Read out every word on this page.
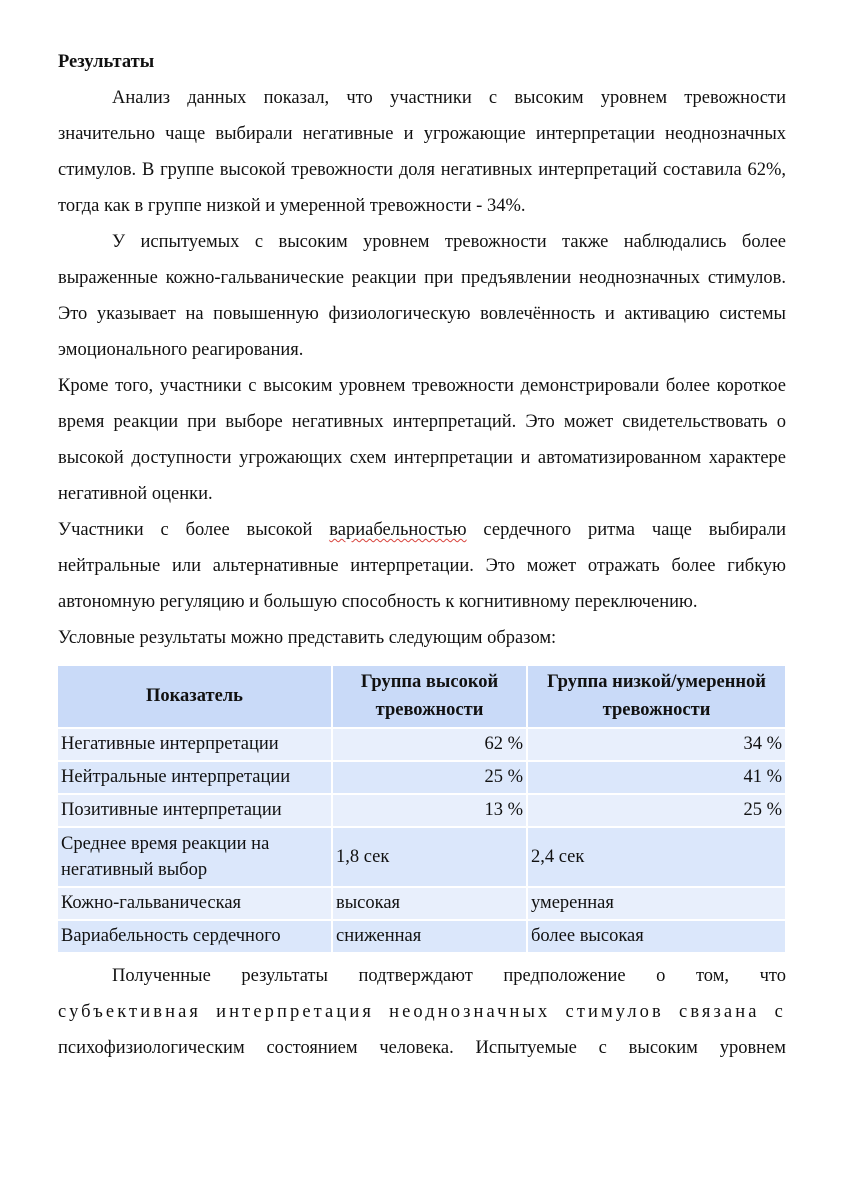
Результаты

Анализ данных показал, что участники с высоким уровнем тревожности значительно чаще выбирали негативные и угрожающие интерпретации неоднозначных стимулов. В группе высокой тревожности доля негативных интерпретаций составила 62%, тогда как в группе низкой и умеренной тревожности - 34%.

У испытуемых с высоким уровнем тревожности также наблюдались более выраженные кожно-гальванические реакции при предъявлении неоднозначных стимулов. Это указывает на повышенную физиологическую вовлечённость и активацию системы эмоционального реагирования.

Кроме того, участники с высоким уровнем тревожности демонстрировали более короткое время реакции при выборе негативных интерпретаций. Это может свидетельствовать о высокой доступности угрожающих схем интерпретации и автоматизированном характере негативной оценки.

Участники с более высокой вариабельностью сердечного ритма чаще выбирали нейтральные или альтернативные интерпретации. Это может отражать более гибкую автономную регуляцию и большую способность к когнитивному переключению.

Условные результаты можно представить следующим образом:

Показатель	Группа высокой тревожности	Группа низкой/умеренной тревожности
Негативные интерпретации	62 %	34 %
Нейтральные интерпретации	25 %	41 %
Позитивные интерпретации	13 %	25 %
Среднее время реакции на негативный выбор	1,8 сек	2,4 сек
Кожно-гальваническая	высокая	умеренная
Вариабельность сердечного	сниженная	более высокая

Полученные результаты подтверждают предположение о том, что

субъективная интерпретация неоднозначных стимулов связана с

психофизиологическим состоянием человека. Испытуемые с высоким уровнем
